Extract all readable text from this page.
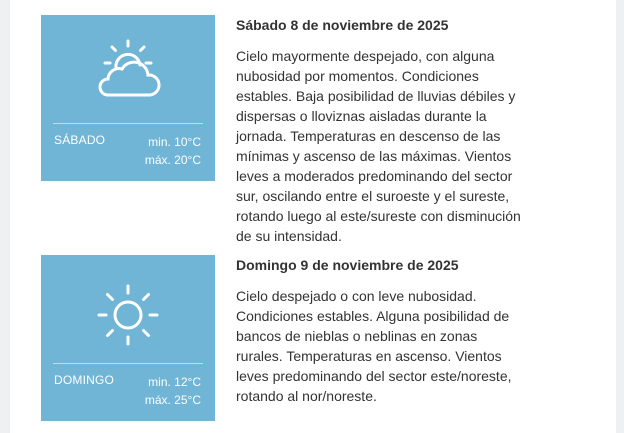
SÁBADO	min. 10°C
máx. 20°C
Sábado 8 de noviembre de 2025

Cielo mayormente despejado, con alguna nubosidad por momentos. Condiciones estables. Baja posibilidad de lluvias débiles y dispersas o lloviznas aisladas durante la jornada. Temperaturas en descenso de las mínimas y ascenso de las máximas. Vientos leves a moderados predominando del sector sur, oscilando entre el suroeste y el sureste, rotando luego al este/sureste con disminución de su intensidad.

DOMINGO	min. 12°C
máx. 25°C
Domingo 9 de noviembre de 2025

Cielo despejado o con leve nubosidad. Condiciones estables. Alguna posibilidad de bancos de nieblas o neblinas en zonas rurales. Temperaturas en ascenso. Vientos leves predominando del sector este/noreste, rotando al nor/noreste.
